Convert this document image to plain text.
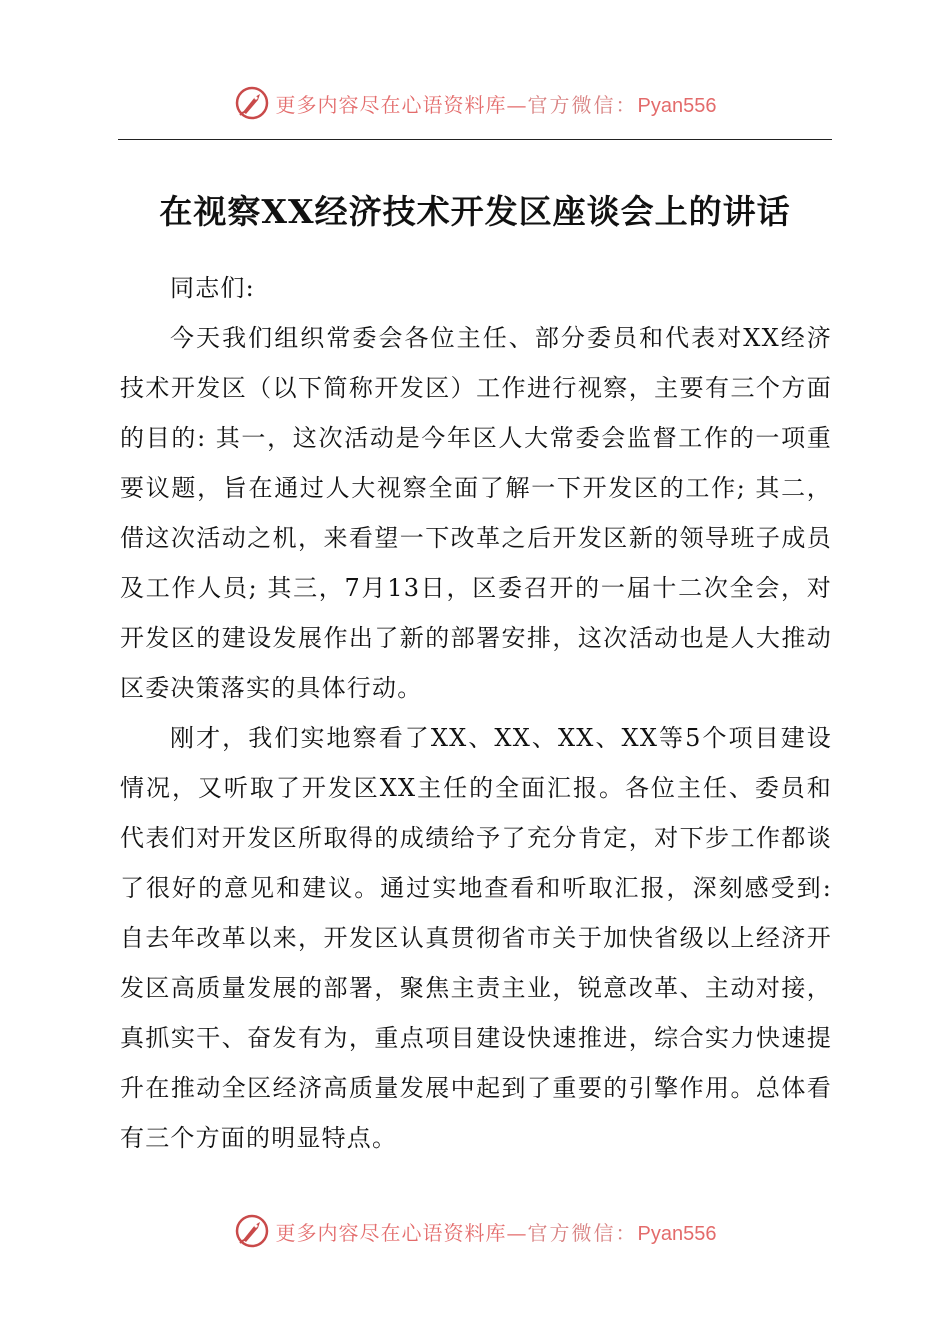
更多内容尽在心语资料库—官方微信：Pyan556
在视察XX经济技术开发区座谈会上的讲话

同志们:

今天我们组织常委会各位主任、部分委员和代表对XX经济技术开发区（以下简称开发区）工作进行视察，主要有三个方面的目的: 其一，这次活动是今年区人大常委会监督工作的一项重要议题，旨在通过人大视察全面了解一下开发区的工作; 其二，借这次活动之机，来看望一下改革之后开发区新的领导班子成员及工作人员; 其三，7月13日，区委召开的一届十二次全会，对开发区的建设发展作出了新的部署安排，这次活动也是人大推动区委决策落实的具体行动。

刚才，我们实地察看了XX、XX、XX、XX等5个项目建设情况，又听取了开发区XX主任的全面汇报。各位主任、委员和代表们对开发区所取得的成绩给予了充分肯定，对下步工作都谈了很好的意见和建议。通过实地查看和听取汇报，深刻感受到: 自去年改革以来，开发区认真贯彻省市关于加快省级以上经济开发区高质量发展的部署，聚焦主责主业，锐意改革、主动对接，真抓实干、奋发有为，重点项目建设快速推进，综合实力快速提升在推动全区经济高质量发展中起到了重要的引擎作用。总体看有三个方面的明显特点。

更多内容尽在心语资料库—官方微信：Pyan556
